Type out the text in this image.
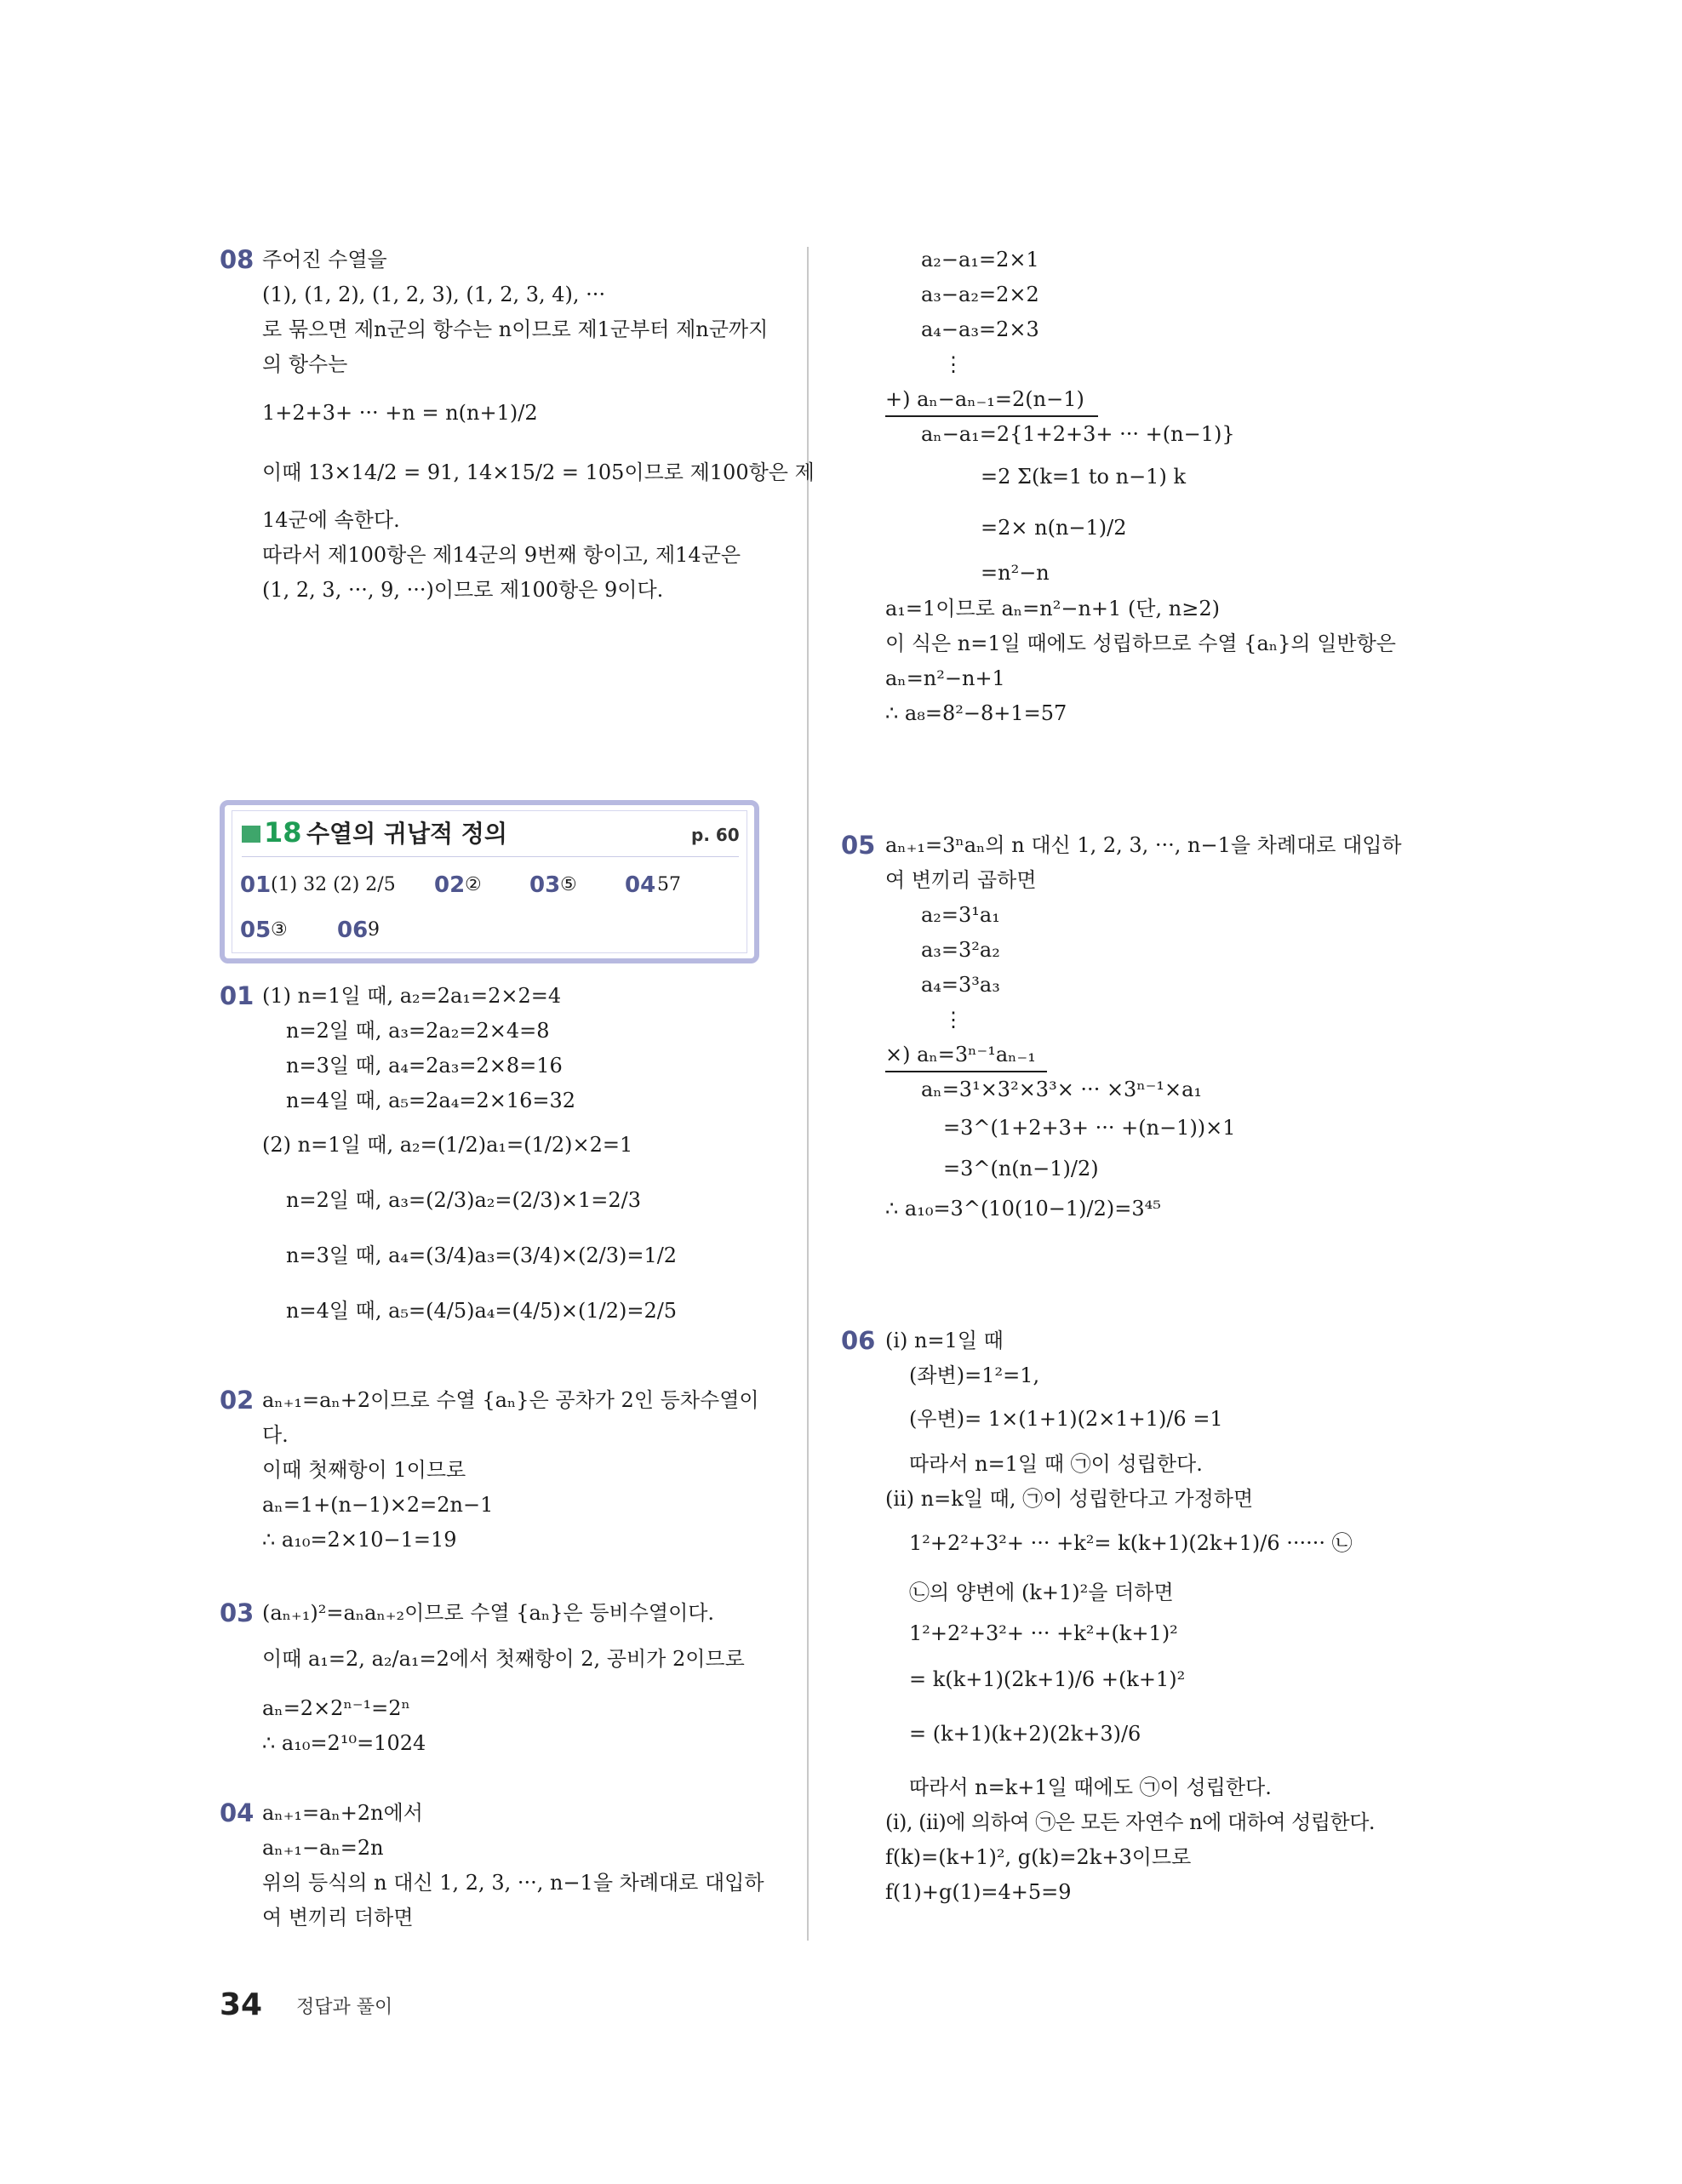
08 주어진 수열을
(1), (1, 2), (1, 2, 3), (1, 2, 3, 4), ···
로 묶으면 제n군의 항수는 n이므로 제1군부터 제n군까지
의 항수는
1+2+3+ ··· +n = n(n+1)/2
이때 13×14/2 = 91, 14×15/2 = 105이므로 제100항은 제
14군에 속한다.
따라서 제100항은 제14군의 9번째 항이고, 제14군은
(1, 2, 3, ···, 9, ···)이므로 제100항은 9이다.
18 수열의 귀납적 정의	p. 60
01 (1) 32 (2) 2/5 02 ② 03 ⑤ 04 57
05 ③ 06 9
01 (1) n=1일 때, a₂=2a₁=2×2=4
n=2일 때, a₃=2a₂=2×4=8
n=3일 때, a₄=2a₃=2×8=16
n=4일 때, a₅=2a₄=2×16=32
(2) n=1일 때, a₂=(1/2)a₁=(1/2)×2=1
n=2일 때, a₃=(2/3)a₂=(2/3)×1=2/3
n=3일 때, a₄=(3/4)a₃=(3/4)×(2/3)=1/2
n=4일 때, a₅=(4/5)a₄=(4/5)×(1/2)=2/5
02 aₙ₊₁=aₙ+2이므로 수열 {aₙ}은 공차가 2인 등차수열이
다.
이때 첫째항이 1이므로
aₙ=1+(n−1)×2=2n−1
∴ a₁₀=2×10−1=19
03 (aₙ₊₁)²=aₙaₙ₊₂이므로 수열 {aₙ}은 등비수열이다.
이때 a₁=2, a₂/a₁=2에서 첫째항이 2, 공비가 2이므로
aₙ=2×2ⁿ⁻¹=2ⁿ
∴ a₁₀=2¹⁰=1024
04 aₙ₊₁=aₙ+2n에서
aₙ₊₁−aₙ=2n
위의 등식의 n 대신 1, 2, 3, ···, n−1을 차례대로 대입하
여 변끼리 더하면
a₂−a₁=2×1
a₃−a₂=2×2
a₄−a₃=2×3
⋮
+) aₙ−aₙ₋₁=2(n−1)
aₙ−a₁=2{1+2+3+ ··· +(n−1)}
=2 Σ(k=1 to n−1) k
=2× n(n−1)/2
=n²−n
a₁=1이므로 aₙ=n²−n+1 (단, n≥2)
이 식은 n=1일 때에도 성립하므로 수열 {aₙ}의 일반항은
aₙ=n²−n+1
∴ a₈=8²−8+1=57
05 aₙ₊₁=3ⁿaₙ의 n 대신 1, 2, 3, ···, n−1을 차례대로 대입하
여 변끼리 곱하면
a₂=3¹a₁
a₃=3²a₂
a₄=3³a₃
⋮
×) aₙ=3ⁿ⁻¹aₙ₋₁
aₙ=3¹×3²×3³× ··· ×3ⁿ⁻¹×a₁
=3^(1+2+3+ ··· +(n−1))×1
=3^(n(n−1)/2)
∴ a₁₀=3^(10(10−1)/2)=3⁴⁵
06 (i) n=1일 때
(좌변)=1²=1,
(우변)= 1×(1+1)(2×1+1)/6 =1
따라서 n=1일 때 ㉠이 성립한다.
(ii) n=k일 때, ㉠이 성립한다고 가정하면
1²+2²+3²+ ··· +k²= k(k+1)(2k+1)/6 ······ ㉡
㉡의 양변에 (k+1)²을 더하면
1²+2²+3²+ ··· +k²+(k+1)²
= k(k+1)(2k+1)/6 +(k+1)²
= (k+1)(k+2)(2k+3)/6
따라서 n=k+1일 때에도 ㉠이 성립한다.
(i), (ii)에 의하여 ㉠은 모든 자연수 n에 대하여 성립한다.
f(k)=(k+1)², g(k)=2k+3이므로
f(1)+g(1)=4+5=9
34 정답과 풀이
